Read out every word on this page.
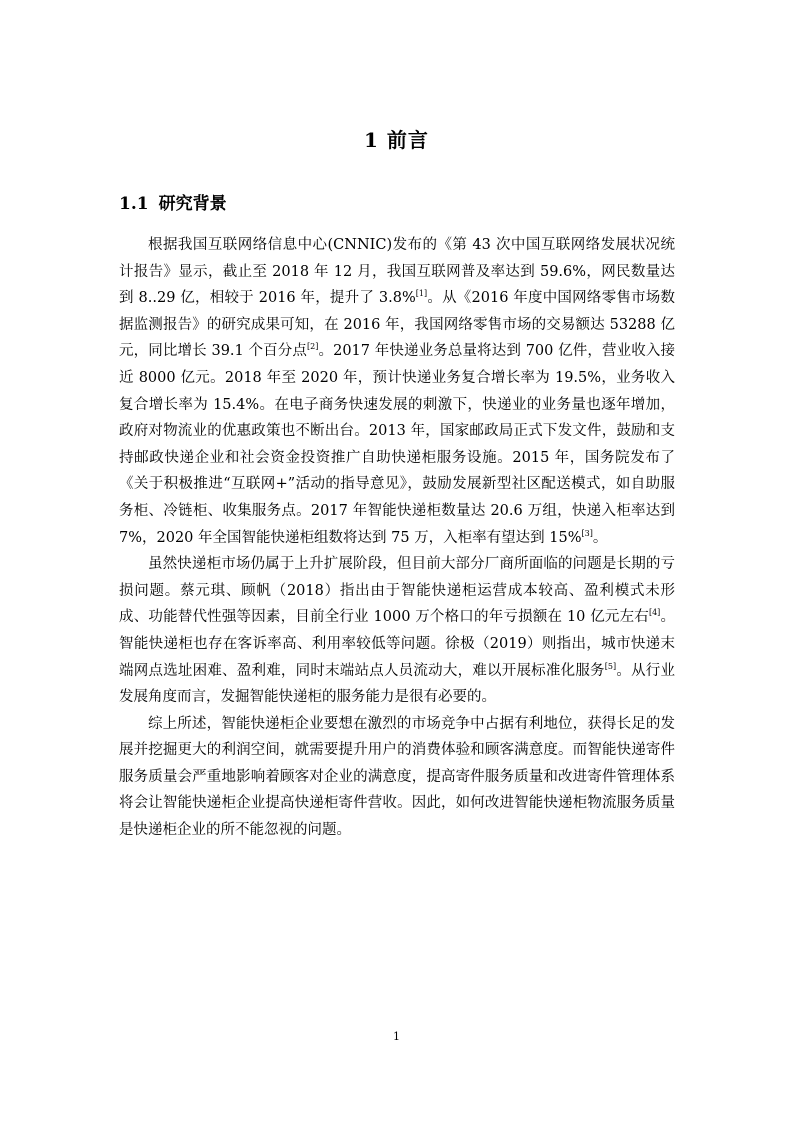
1 前言
1.1 研究背景

根据我国互联网络信息中心(CNNIC)发布的《第 43 次中国互联网络发展状况统计报告》显示，截止至 2018 年 12 月，我国互联网普及率达到 59.6%，网民数量达到 8..29 亿，相较于 2016 年，提升了 3.8%[1]。从《2016 年度中国网络零售市场数据监测报告》的研究成果可知，在 2016 年，我国网络零售市场的交易额达 53288 亿元，同比增长 39.1 个百分点[2]。2017 年快递业务总量将达到 700 亿件，营业收入接近 8000 亿元。2018 年至 2020 年，预计快递业务复合增长率为 19.5%，业务收入复合增长率为 15.4%。在电子商务快速发展的刺激下，快递业的业务量也逐年增加，政府对物流业的优惠政策也不断出台。2013 年，国家邮政局正式下发文件，鼓励和支持邮政快递企业和社会资金投资推广自助快递柜服务设施。2015 年，国务院发布了《关于积极推进“互联网+”活动的指导意见》，鼓励发展新型社区配送模式，如自助服务柜、冷链柜、收集服务点。2017 年智能快递柜数量达 20.6 万组，快递入柜率达到 7%，2020 年全国智能快递柜组数将达到 75 万，入柜率有望达到 15%[3]。

虽然快递柜市场仍属于上升扩展阶段，但目前大部分厂商所面临的问题是长期的亏损问题。蔡元琪、顾帆（2018）指出由于智能快递柜运营成本较高、盈利模式未形成、功能替代性强等因素，目前全行业 1000 万个格口的年亏损额在 10 亿元左右[4]。智能快递柜也存在客诉率高、利用率较低等问题。徐极（2019）则指出，城市快递末端网点选址困难、盈利难，同时末端站点人员流动大，难以开展标准化服务[5]。从行业发展角度而言，发掘智能快递柜的服务能力是很有必要的。

综上所述，智能快递柜企业要想在激烈的市场竞争中占据有利地位，获得长足的发展并挖掘更大的利润空间，就需要提升用户的消费体验和顾客满意度。而智能快递寄件服务质量会严重地影响着顾客对企业的满意度，提高寄件服务质量和改进寄件管理体系将会让智能快递柜企业提高快递柜寄件营收。因此，如何改进智能快递柜物流服务质量是快递柜企业的所不能忽视的问题。

1
